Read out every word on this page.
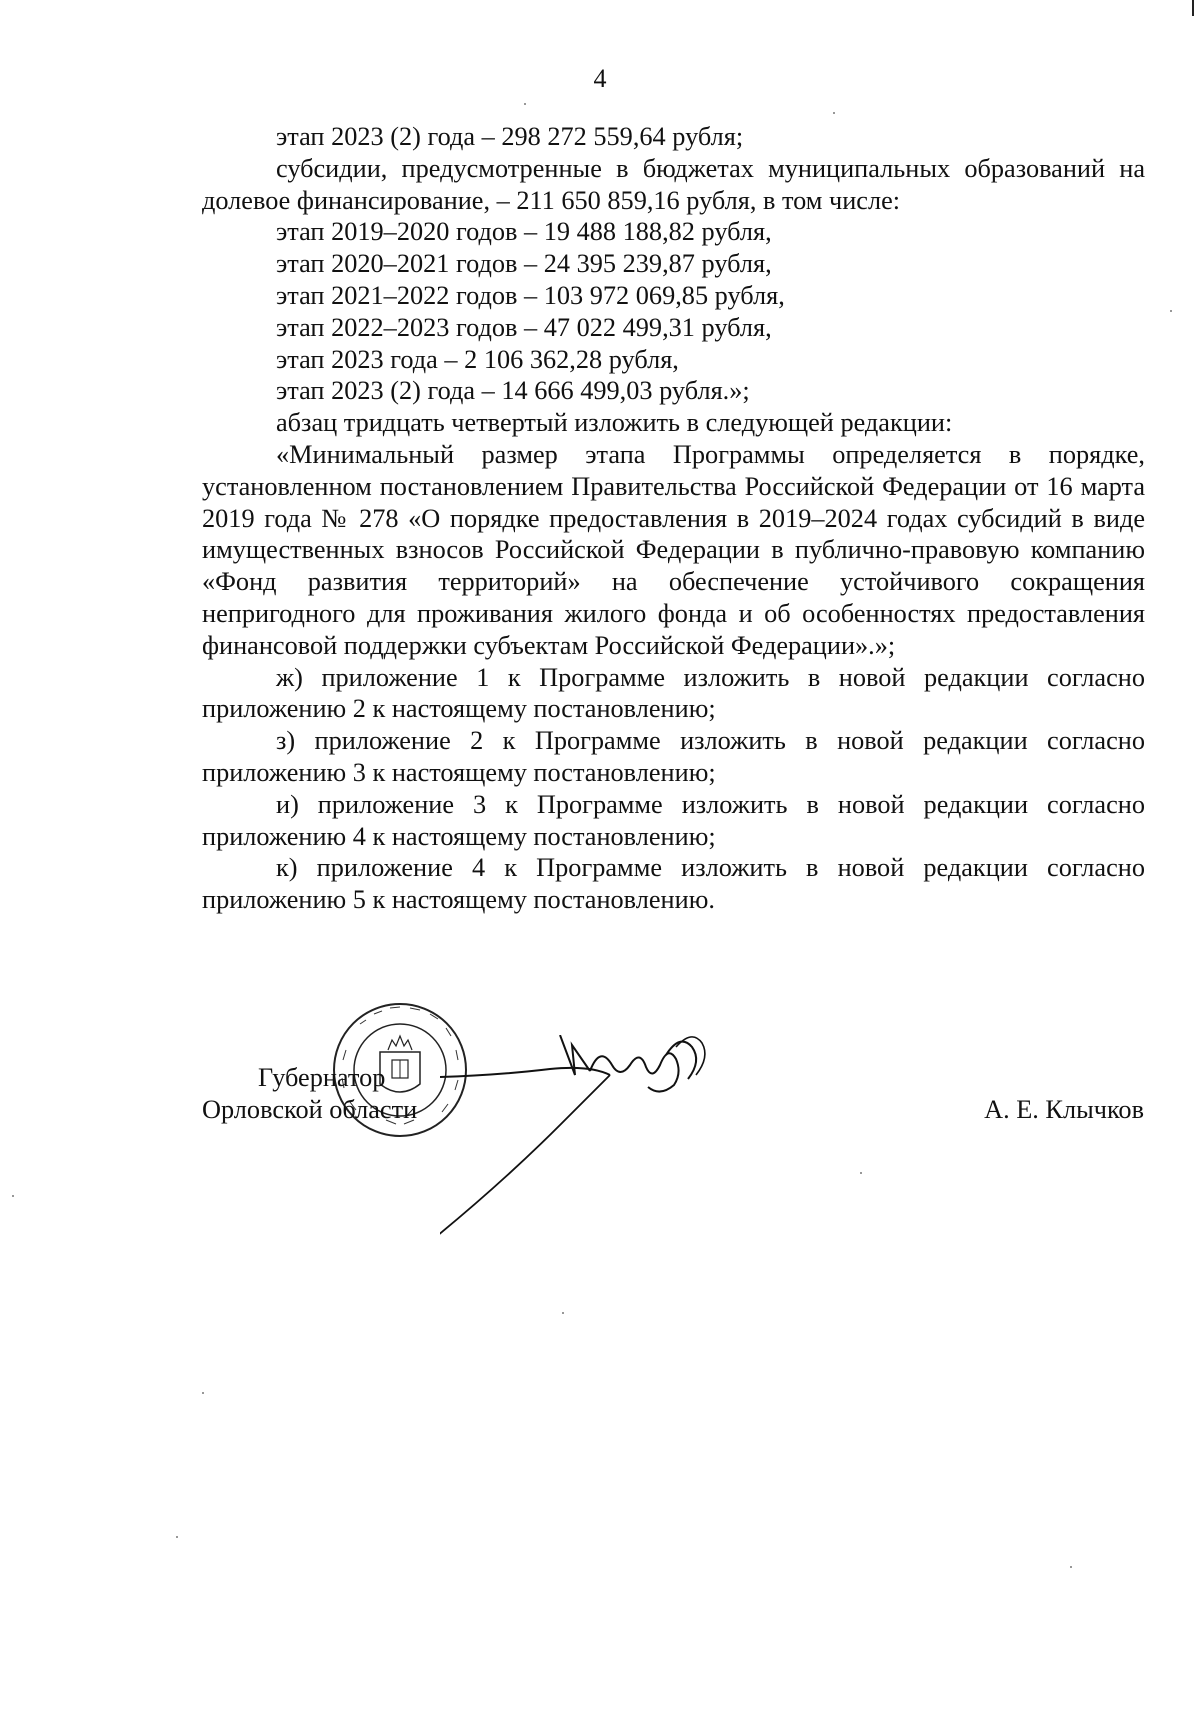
4

этап 2023 (2) года – 298 272 559,64 рубля;

субсидии, предусмотренные в бюджетах муниципальных образований на долевое финансирование, – 211 650 859,16 рубля, в том числе:

этап 2019–2020 годов – 19 488 188,82 рубля,

этап 2020–2021 годов – 24 395 239,87 рубля,

этап 2021–2022 годов – 103 972 069,85 рубля,

этап 2022–2023 годов – 47 022 499,31 рубля,

этап 2023 года – 2 106 362,28 рубля,

этап 2023 (2) года – 14 666 499,03 рубля.»;

абзац тридцать четвертый изложить в следующей редакции:

«Минимальный размер этапа Программы определяется в порядке, установленном постановлением Правительства Российской Федерации от 16 марта 2019 года № 278 «О порядке предоставления в 2019–2024 годах субсидий в виде имущественных взносов Российской Федерации в публично-правовую компанию «Фонд развития территорий» на обеспечение устойчивого сокращения непригодного для проживания жилого фонда и об особенностях предоставления финансовой поддержки субъектам Российской Федерации».»;

ж) приложение 1 к Программе изложить в новой редакции согласно приложению 2 к настоящему постановлению;

з) приложение 2 к Программе изложить в новой редакции согласно приложению 3 к настоящему постановлению;

и) приложение 3 к Программе изложить в новой редакции согласно приложению 4 к настоящему постановлению;

к) приложение 4 к Программе изложить в новой редакции согласно приложению 5 к настоящему постановлению.

Губернатор
Орловской области	А. Е. Клычков
